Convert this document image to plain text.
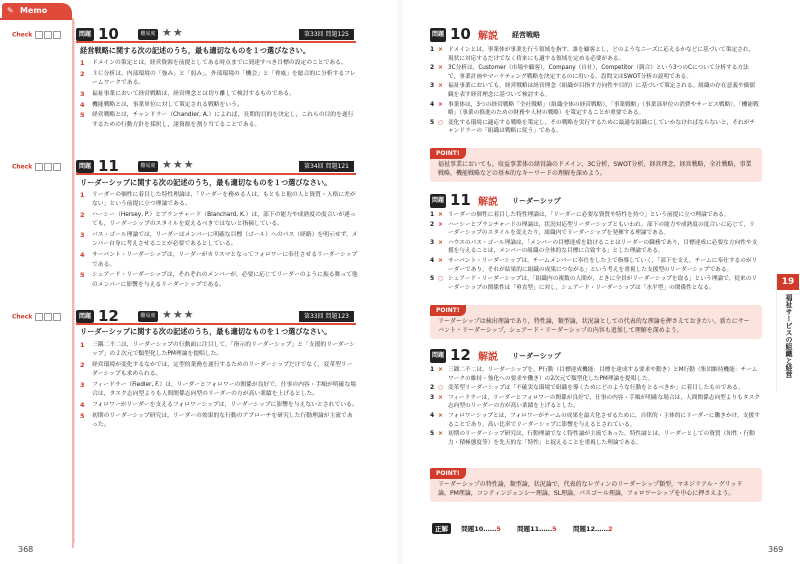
✎ Memo
Check	問題 10	難易度 ★★	第33回 問題125
経営戦略に関する次の記述のうち，最も適切なものを１つ選びなさい。
1 ドメインの策定とは，経営資源を前提としてある時点までに到達すべき目標の設定のことである。
2 ３Ｃ分析は，内部環境の「強み」と「弱み」，外部環境の「機会」と「脅威」を総合的に分析するフレームワークである。
3 福祉事業において経営戦略は，経営理念とは切り離して検討するものである。
4 機能戦略とは，事業単位に対して策定される戦略をいう。
5 経営戦略とは，チャンドラー（Chandler, A.）によれば，長期的目的を決定し，これらの目的を遂行するための行動方針を採択し，諸資源を割り当てることである。
Check	問題 11	難易度 ★★★	第34回 問題121
リーダーシップに関する次の記述のうち，最も適切なものを１つ選びなさい。
1 リーダーの個性に着目した特性理論は，「リーダーを務める人は，もともと他の人と資質・人格に差がない」という前提に立つ理論である。
2 ハーシー（Hersey, P.）とブランチャード（Blanchard, K.）は，部下の能力や成熟度の度合いが違っても，リーダーシップのスタイルを変えるべきではないと指摘している。
3 パス・ゴール理論では，リーダーはメンバーに明確な目標（ゴール）へのパス（経路）を明示せず，メンバー自身に考えさせることが必要であるとしている。
4 サーバント・リーダーシップは，リーダーがカリスマとなってフォロワーに奉仕させるリーダーシップである。
5 シェアード・リーダーシップは，それぞれのメンバーが，必要に応じてリーダーのように振る舞って他のメンバーに影響を与えるリーダーシップである。
Check	問題 12	難易度 ★★★	第33回 問題123
リーダーシップに関する次の記述のうち，最も適切なものを１つ選びなさい。
1 三隅二不二は，リーダーシップの行動面に注目して，「指示的リーダーシップ」と「支援的リーダーシップ」の２次元で類型化したPM理論を提唱した。
2 経営環境が変化するなかでは，定型的業務を遂行するためのリーダーシップだけでなく，変革型リーダーシップも求められる。
3 フィードラー（Fiedler, F.）は，リーダーとフォロワーの関係が良好で，仕事の内容・手順が明確な場合は，タスク志向型よりも人間関係志向型のリーダーの方が高い業績を上げるとした。
4 フォロワーがリーダーを支えるフォロワーシップは，リーダーシップに影響を与えないとされている。
5 初期のリーダーシップ研究は，リーダーの効果的な行動のアプローチを研究した行動理論が主流であった。
368
問題 10 解説 経営戦略
1 × ドメインとは，事業体が事業を行う領域を指す。誰を顧客とし，どのようなニーズに応えるかなどに基づいて策定され，現状に対応するだけでなく将来にも適する領域を定める必要がある。
2 × 3C分析は，Customer（市場や顧客），Company（自社），Competitor（競合）という3つのCについて分析する方法で，事業計画やマーケティング戦略を決定するのに用いる。設問文はSWOT分析の説明である。
3 × 福祉事業においても，経営戦略は経営理念（組織が目指す方向性や目的）に基づいて策定される。組織の存在意義や価値観を表す経営理念に基づいて検討する。
4 × 事業体は，3つの経営戦略「全社戦略」（組織全体の経営戦略），「事業戦略」（事業部単位の消費やサービス戦略），「機能戦略」（事業の推進のための財務や人材の戦略）を策定することが重要である。
5 ○ 変化する環境に適応する戦略を策定し，その戦略を実行するために最適な組織にしていかなければならないと，それがチャンドラーの「組織は戦略に従う」である。
POINT!
福祉事業においても，収益事業体の経営論のドメイン，3C分析，SWOT分析，経営理念，経営戦略，全社戦略，事業戦略，機能戦略などの基本的なキーワードの理解を深めよう。
問題 11 解説 リーダーシップ
1 × リーダーの個性に着目した特性理論は，「リーダーに必要な資質や特性を持つ」という前提に立つ理論である。
2 × ハーシーとブランチャードの理論は，状況対応型リーダーシップともいわれ，部下の能力や成熟度の度合いに応じて，リーダーシップのスタイルを変えたり，組織内でリーダーシップを発揮する理論である。
3 × ハウスのパス・ゴール理論は，「メンバーの目標達成を助けることはリーダーの職務であり，目標達成に必要な方向性や支援を与えることは，メンバーの組織の全体的な目標に合致する」とした理論である。
4 × サーバント・リーダーシップは，チームメンバーに奉仕をした上で指導していく，「部下を支え，チームに奉仕するのがリーダーであり，それが結果的に組織の成果につながる」という考えを重視した支援型のリーダーシップである。
5 ○ シェアード・リーダーシップは，「組織内の複数の人間が，ときに全員がリーダーシップを取る」という理論で，従来のリーダーシップの関係性は「垂直型」に対し，シェアード・リーダーシップは「水平型」の関係性となる。
POINT!
リーダーシップは検出理論であり，特性論，類型論，状況論としての代表的な理論を押さえておきたい。新たにサーバント・リーダーシップ，シェアード・リーダーシップの内容も追加して理解を深めよう。
問題 12 解説 リーダーシップ
1 × 三隅二不二は，リーダーシップを，P行動（目標達成機能：目標を達成する要求や動き）とM行動（集団維持機能：チームワークの維持・強化への要求や働き）の2次元で類型化したPM理論を提唱した。
2 ○ 変革型リーダーシップは「不確実な環境で組織を導くためにどのような行動をとるべきか」に着目したものである。
3 × フィードラーは，リーダーとフォロワーの関係が良好で，仕事の内容・手順が明確な場合は，人間関係志向型よりもタスク志向型のリーダーの方が高い業績を上げるとした。
4 × フォロワーシップとは，フォロワーがチームの成果を最大化させるために，自律的・主体的にリーダーに働きかけ，支援することであり，高い比率でリーダーシップに影響を与えるとされている。
5 × 初期のリーダーシップ研究は，行動理論でなく特性論が主流であった。特性論とは，リーダーとしての資質（知性・行動力・積極態度等）を先天的な「特性」と捉えることを重視した理論である。
POINT!
リーダーシップの特性論，類型論，状況論で，代表的なレヴィンのリーダーシップ類型，マネジリアル・グリッド論，PM理論，コンティンジェンシー理論，SL理論，パスゴール理論，フォロワーシップを中心に押さえよう。
正解 問題10……5	問題11……5	問題12……2
19
福祉サービスの組織と経営
369
